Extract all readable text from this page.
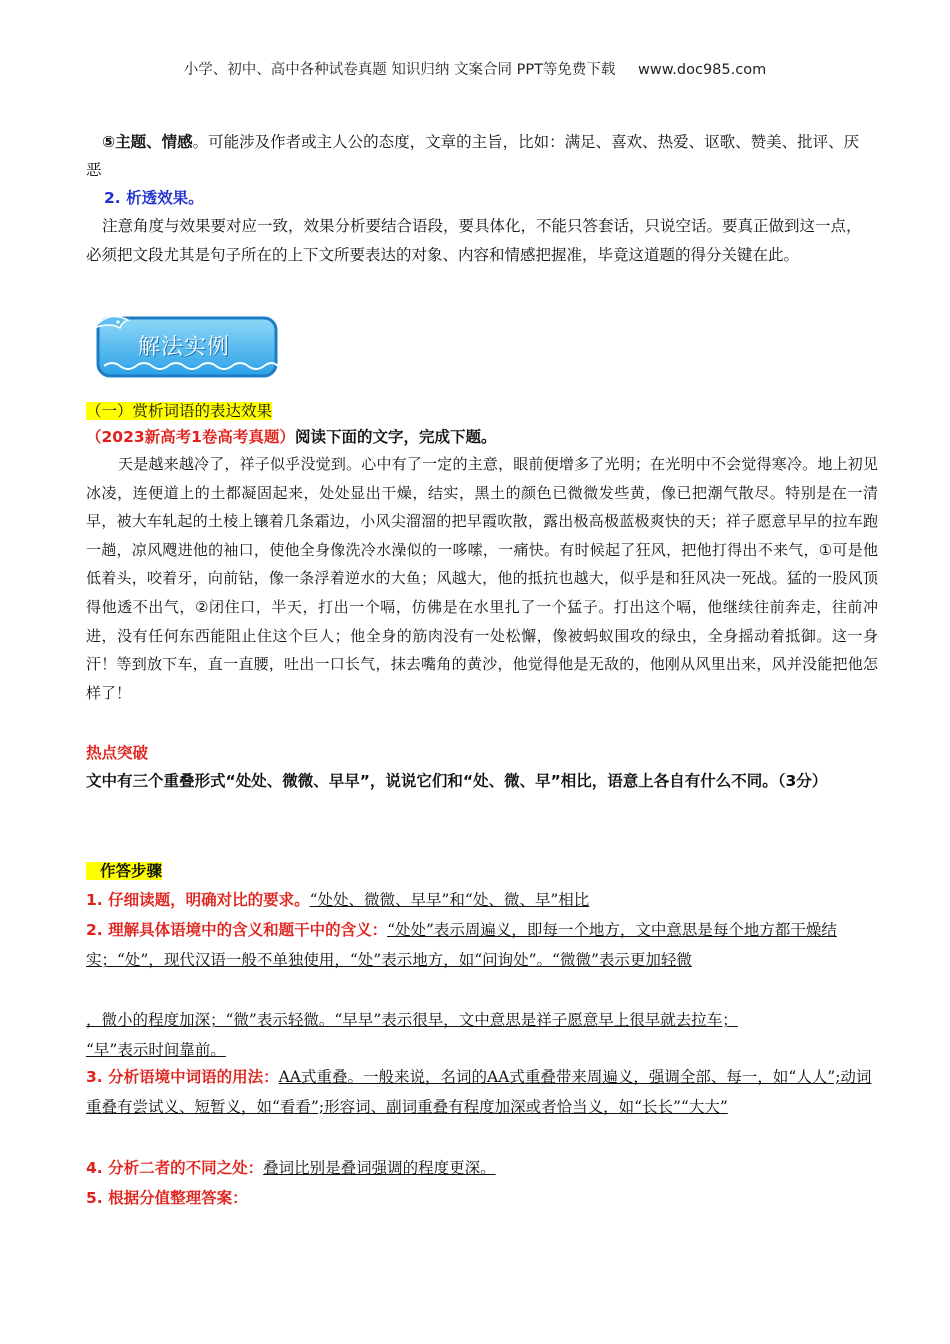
小学、初中、高中各种试卷真题 知识归纳 文案合同 PPT等免费下载 www.doc985.com

⑤主题、情感。可能涉及作者或主人公的态度，文章的主旨，比如：满足、喜欢、热爱、讴歌、赞美、批评、厌恶

2. 析透效果。

注意角度与效果要对应一致，效果分析要结合语段，要具体化，不能只答套话，只说空话。要真正做到这一点，必须把文段尤其是句子所在的上下文所要表达的对象、内容和情感把握准，毕竟这道题的得分关键在此。

解法实例
（一）赏析词语的表达效果
（2023新高考1卷高考真题）阅读下面的文字，完成下题。

天是越来越冷了，祥子似乎没觉到。心中有了一定的主意，眼前便增多了光明；在光明中不会觉得寒冷。地上初见冰凌，连便道上的土都凝固起来，处处显出干燥，结实，黑土的颜色已微微发些黄，像已把潮气散尽。特别是在一清早，被大车轧起的土棱上镶着几条霜边，小风尖溜溜的把早霞吹散，露出极高极蓝极爽快的天；祥子愿意早早的拉车跑一趟，凉风飕进他的袖口，使他全身像洗冷水澡似的一哆嗦，一痛快。有时候起了狂风，把他打得出不来气，①可是他低着头，咬着牙，向前钻，像一条浮着逆水的大鱼；风越大，他的抵抗也越大，似乎是和狂风决一死战。猛的一股风顶得他透不出气，②闭住口，半天，打出一个嗝，仿佛是在水里扎了一个猛子。打出这个嗝，他继续往前奔走，往前冲进，没有任何东西能阻止住这个巨人；他全身的筋肉没有一处松懈，像被蚂蚁围攻的绿虫，全身摇动着抵御。这一身汗！等到放下车，直一直腰，吐出一口长气，抹去嘴角的黄沙，他觉得他是无敌的，他刚从风里出来，风并没能把他怎样了！

热点突破
文中有三个重叠形式“处处、微微、早早”，说说它们和“处、微、早”相比，语意上各自有什么不同。（3分）
作答步骤
1. 仔细读题，明确对比的要求。“处处、微微、早早”和“处、微、早”相比
2. 理解具体语境中的含义和题干中的含义：“处处”表示周遍义，即每一个地方，文中意思是每个地方都干燥结实；“处”，现代汉语一般不单独使用，“处”表示地方，如“问询处”。“微微”表示更加轻微
，微小的程度加深；“微”表示轻微。“早早”表示很早，文中意思是祥子愿意早上很早就去拉车；
“早”表示时间靠前。
3. 分析语境中词语的用法：AA式重叠。一般来说，名词的AA式重叠带来周遍义，强调全部、每一，如“人人”;动词重叠有尝试义、短暂义，如“看看”;形容词、副词重叠有程度加深或者恰当义，如“长长”“大大”
4. 分析二者的不同之处：叠词比别是叠词强调的程度更深。
5. 根据分值整理答案：
